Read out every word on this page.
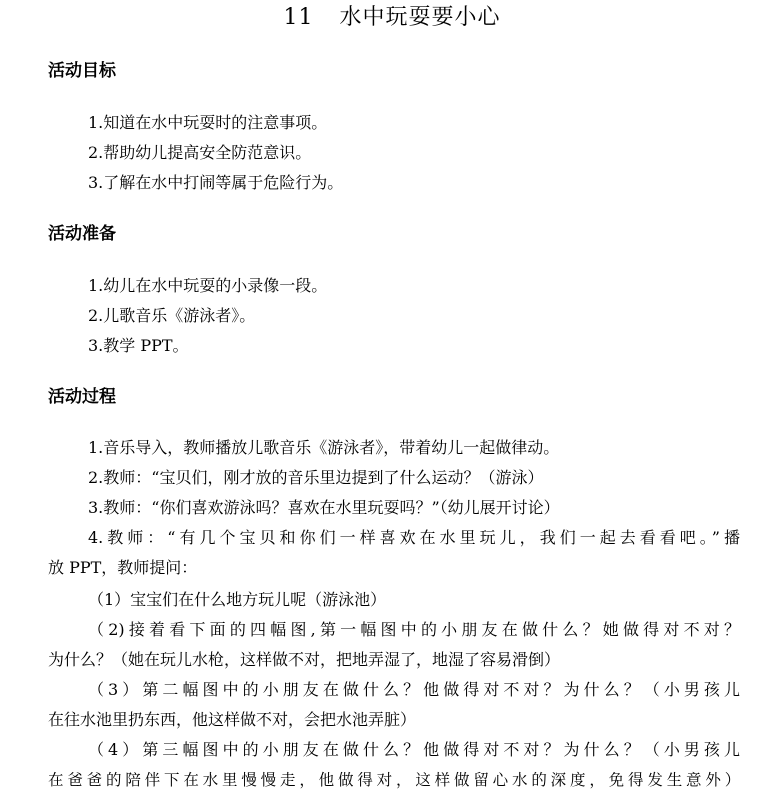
11 水中玩耍要小心
活动目标
1.知道在水中玩耍时的注意事项。
2.帮助幼儿提高安全防范意识。
3.了解在水中打闹等属于危险行为。
活动准备
1.幼儿在水中玩耍的小录像一段。
2.儿歌音乐《游泳者》。
3.教学 PPT。
活动过程
1.音乐导入，教师播放儿歌音乐《游泳者》，带着幼儿一起做律动。
2.教师：“宝贝们，刚才放的音乐里边提到了什么运动？（游泳）
3.教师：“你们喜欢游泳吗？喜欢在水里玩耍吗？”（幼儿展开讨论）
4.教师：“有几个宝贝和你们一样喜欢在水里玩儿，我们一起去看看吧。”播
放 PPT，教师提问：
（1）宝宝们在什么地方玩儿呢（游泳池）
（2)接着看下面的四幅图,第一幅图中的小朋友在做什么？她做得对不对？
为什么？（她在玩儿水枪，这样做不对，把地弄湿了，地湿了容易滑倒）
（3）第二幅图中的小朋友在做什么？他做得对不对？为什么？（小男孩儿
在往水池里扔东西，他这样做不对，会把水池弄脏）
（4）第三幅图中的小朋友在做什么？他做得对不对？为什么？（小男孩儿
在爸爸的陪伴下在水里慢慢走，他做得对，这样做留心水的深度，免得发生意外）
